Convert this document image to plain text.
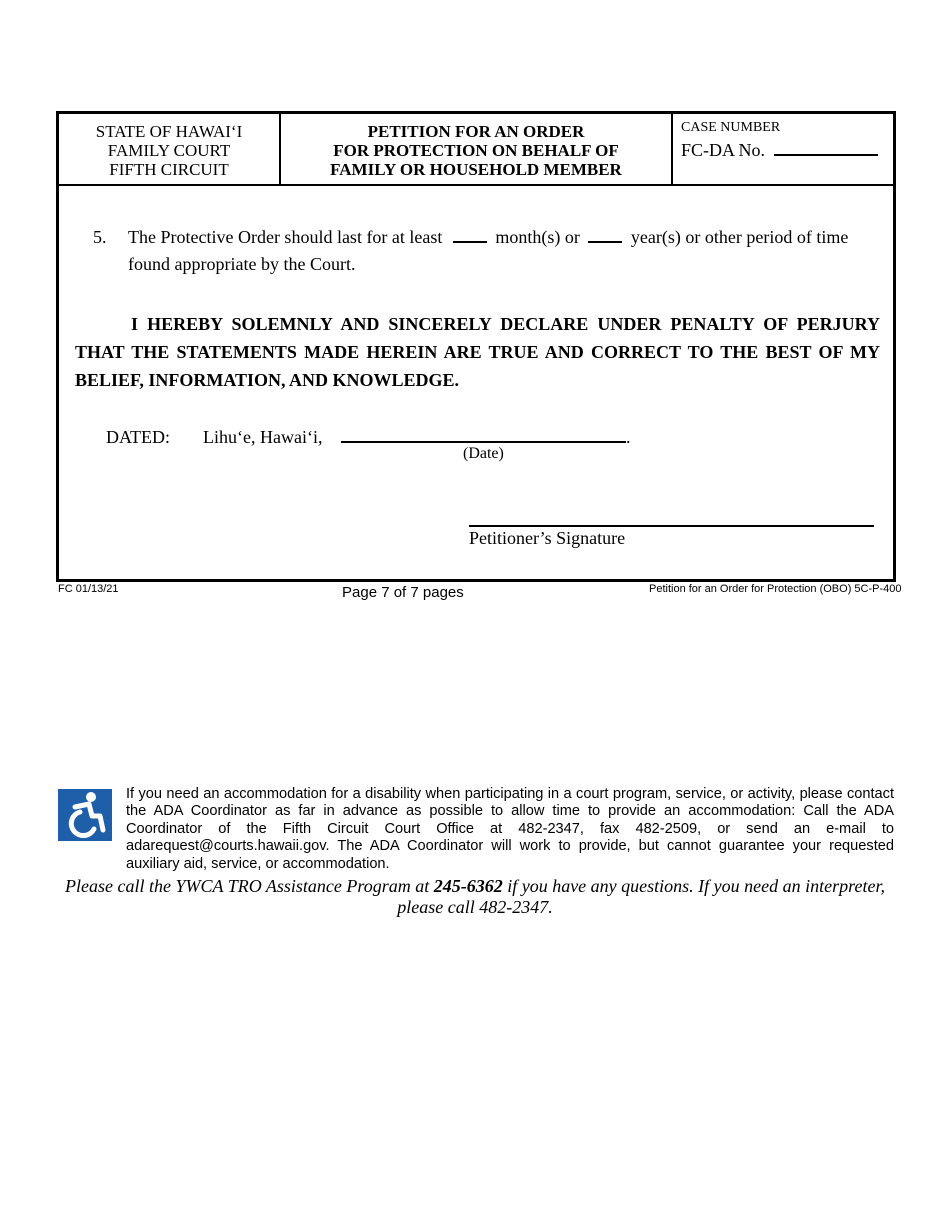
STATE OF HAWAI‘I
FAMILY COURT
FIFTH CIRCUIT
PETITION FOR AN ORDER
FOR PROTECTION ON BEHALF OF
FAMILY OR HOUSEHOLD MEMBER
CASE NUMBER
FC-DA No.
5. The Protective Order should last for at least	month(s) or	year(s) or other period of time found appropriate by the Court.
I HEREBY SOLEMNLY AND SINCERELY DECLARE UNDER PENALTY OF PERJURY THAT THE STATEMENTS MADE HEREIN ARE TRUE AND CORRECT TO THE BEST OF MY BELIEF, INFORMATION, AND KNOWLEDGE.
DATED: Lihu‘e, Hawai‘i,	.
(Date)
Petitioner’s Signature
FC 01/13/21	Page 7 of 7 pages	Petition for an Order for Protection (OBO) 5C-P-400
If you need an accommodation for a disability when participating in a court program, service, or activity, please contact the ADA Coordinator as far in advance as possible to allow time to provide an accommodation: Call the ADA Coordinator of the Fifth Circuit Court Office at 482-2347, fax 482-2509, or send an e-mail to adarequest@courts.hawaii.gov. The ADA Coordinator will work to provide, but cannot guarantee your requested auxiliary aid, service, or accommodation.
Please call the YWCA TRO Assistance Program at 245-6362 if you have any questions. If you need an interpreter, please call 482-2347.
